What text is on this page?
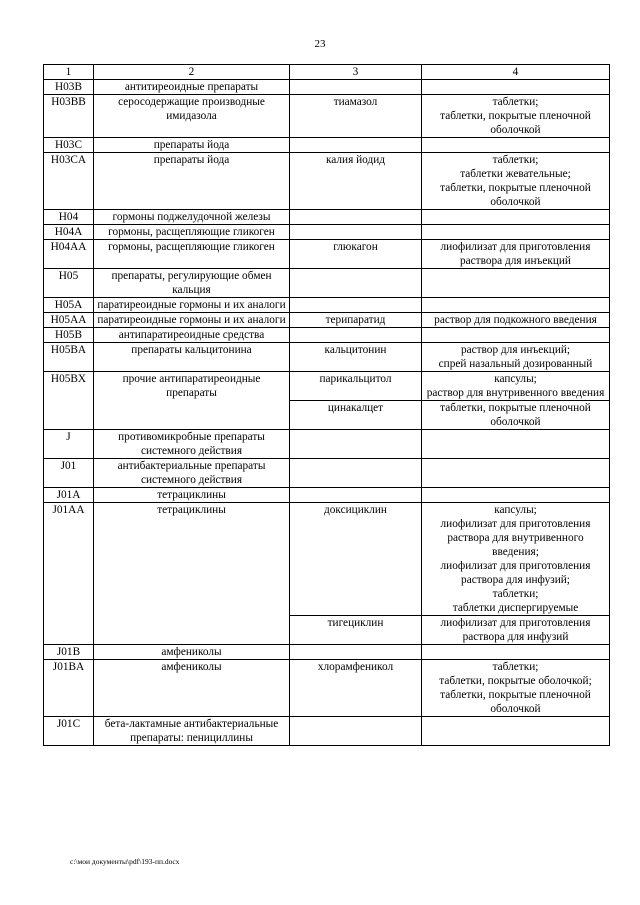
23
1	2	3	4
H03B	антитиреоидные препараты		
H03BB	серосодержащие производные имидазола	тиамазол	таблетки;
таблетки, покрытые пленочной оболочкой
H03C	препараты йода		
H03CA	препараты йода	калия йодид	таблетки;
таблетки жевательные;
таблетки, покрытые пленочной оболочкой
H04	гормоны поджелудочной железы		
H04A	гормоны, расщепляющие гликоген		
H04AA	гормоны, расщепляющие гликоген	глюкагон	лиофилизат для приготовления раствора для инъекций
H05	препараты, регулирующие обмен кальция		
H05A	паратиреоидные гормоны и их аналоги		
H05AA	паратиреоидные гормоны и их аналоги	терипаратид	раствор для подкожного введения
H05B	антипаратиреоидные средства		
H05BA	препараты кальцитонина	кальцитонин	раствор для инъекций;
спрей назальный дозированный
H05BX	прочие антипаратиреоидные препараты	парикальцитол	капсулы;
раствор для внутривенного введения
		цинакалцет	таблетки, покрытые пленочной оболочкой
J	противомикробные препараты системного действия		
J01	антибактериальные препараты системного действия		
J01A	тетрациклины		
J01AA	тетрациклины	доксициклин	капсулы;
лиофилизат для приготовления раствора для внутривенного введения;
лиофилизат для приготовления раствора для инфузий;
таблетки;
таблетки диспергируемые
		тигециклин	лиофилизат для приготовления раствора для инфузий
J01B	амфениколы		
J01BA	амфениколы	хлорамфеникол	таблетки;
таблетки, покрытые оболочкой;
таблетки, покрытые пленочной оболочкой
J01C	бета-лактамные антибактериальные препараты: пенициллины		
c:\мои документы\pdf\193-пп.docx
